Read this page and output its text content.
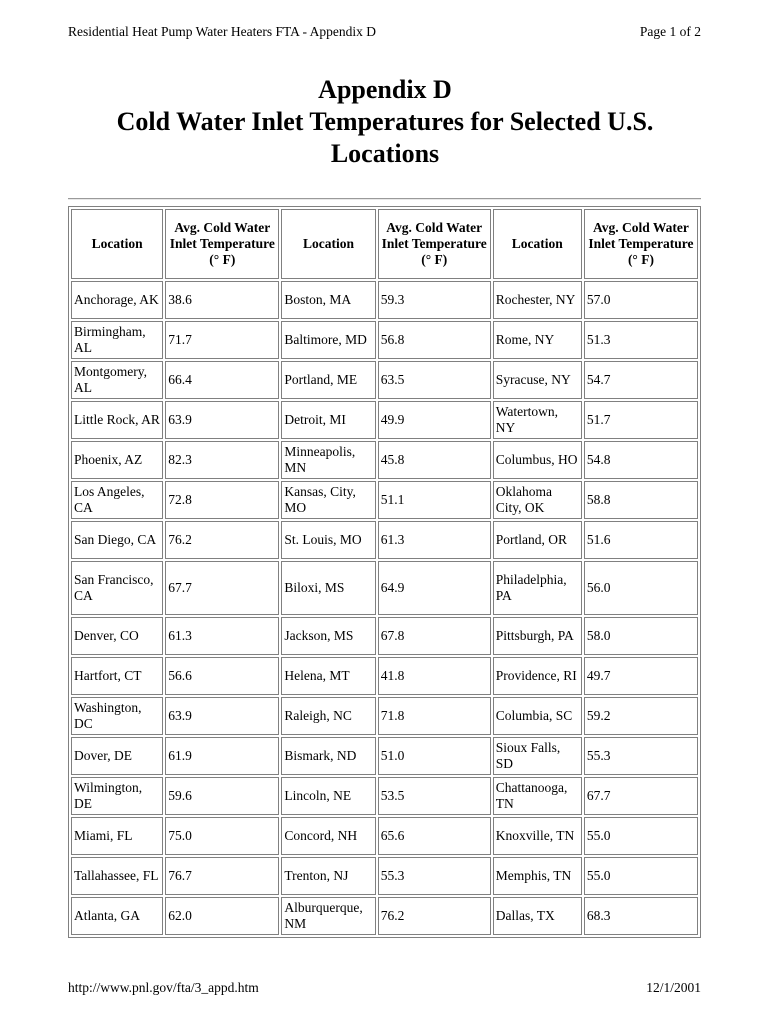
Residential Heat Pump Water Heaters FTA - Appendix D	Page 1 of 2
Appendix D
Cold Water Inlet Temperatures for Selected U.S.
Locations
Location	Avg. Cold Water Inlet Temperature (° F)	Location	Avg. Cold Water Inlet Temperature (° F)	Location	Avg. Cold Water Inlet Temperature (° F)
Anchorage, AK	38.6	Boston, MA	59.3	Rochester, NY	57.0
Birmingham, AL	71.7	Baltimore, MD	56.8	Rome, NY	51.3
Montgomery, AL	66.4	Portland, ME	63.5	Syracuse, NY	54.7
Little Rock, AR	63.9	Detroit, MI	49.9	Watertown, NY	51.7
Phoenix, AZ	82.3	Minneapolis, MN	45.8	Columbus, HO	54.8
Los Angeles, CA	72.8	Kansas, City, MO	51.1	Oklahoma City, OK	58.8
San Diego, CA	76.2	St. Louis, MO	61.3	Portland, OR	51.6
San Francisco, CA	67.7	Biloxi, MS	64.9	Philadelphia, PA	56.0
Denver, CO	61.3	Jackson, MS	67.8	Pittsburgh, PA	58.0
Hartfort, CT	56.6	Helena, MT	41.8	Providence, RI	49.7
Washington, DC	63.9	Raleigh, NC	71.8	Columbia, SC	59.2
Dover, DE	61.9	Bismark, ND	51.0	Sioux Falls, SD	55.3
Wilmington, DE	59.6	Lincoln, NE	53.5	Chattanooga, TN	67.7
Miami, FL	75.0	Concord, NH	65.6	Knoxville, TN	55.0
Tallahassee, FL	76.7	Trenton, NJ	55.3	Memphis, TN	55.0
Atlanta, GA	62.0	Alburquerque, NM	76.2	Dallas, TX	68.3
http://www.pnl.gov/fta/3_appd.htm	12/1/2001
